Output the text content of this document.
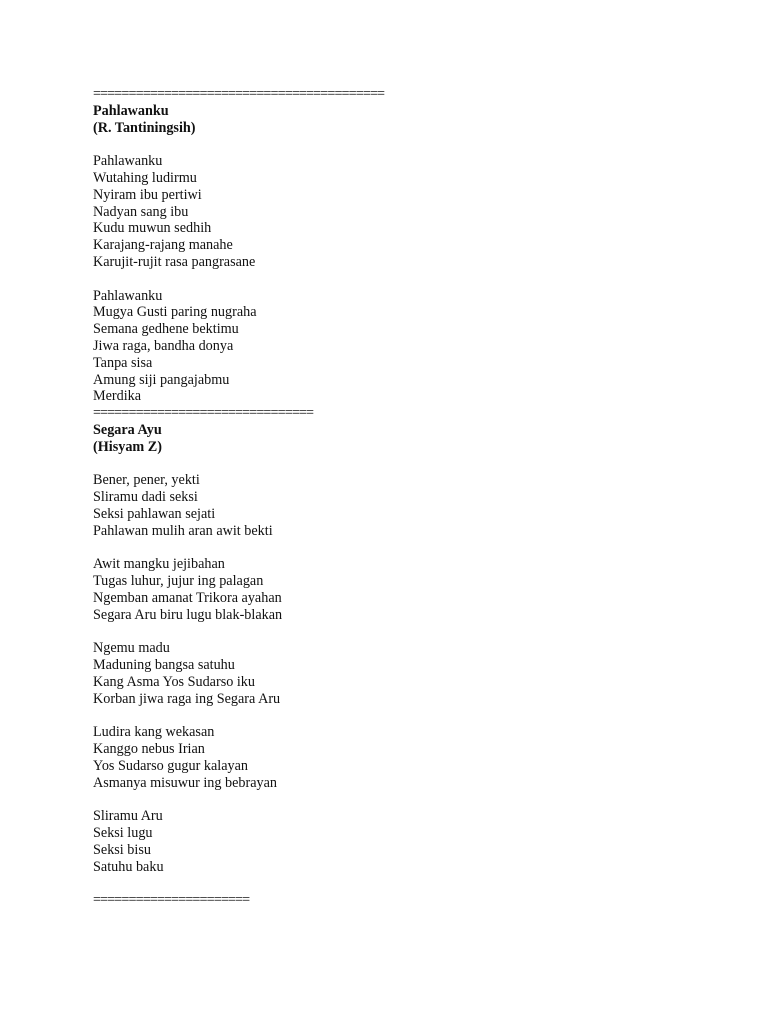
=========================================
Pahlawanku
(R. Tantiningsih)
Pahlawanku
Wutahing ludirmu
Nyiram ibu pertiwi
Nadyan sang ibu
Kudu muwun sedhih
Karajang-rajang manahe
Karujit-rujit rasa pangrasane
Pahlawanku
Mugya Gusti paring nugraha
Semana gedhene bektimu
Jiwa raga, bandha donya
Tanpa sisa
Amung siji pangajabmu
Merdika
===============================
Segara Ayu
(Hisyam Z)
Bener, pener, yekti
Sliramu dadi seksi
Seksi pahlawan sejati
Pahlawan mulih aran awit bekti
Awit mangku jejibahan
Tugas luhur, jujur ing palagan
Ngemban amanat Trikora ayahan
Segara Aru biru lugu blak-blakan
Ngemu madu
Maduning bangsa satuhu
Kang Asma Yos Sudarso iku
Korban jiwa raga ing Segara Aru
Ludira kang wekasan
Kanggo nebus Irian
Yos Sudarso gugur kalayan
Asmanya misuwur ing bebrayan
Sliramu Aru
Seksi lugu
Seksi bisu
Satuhu baku
======================
